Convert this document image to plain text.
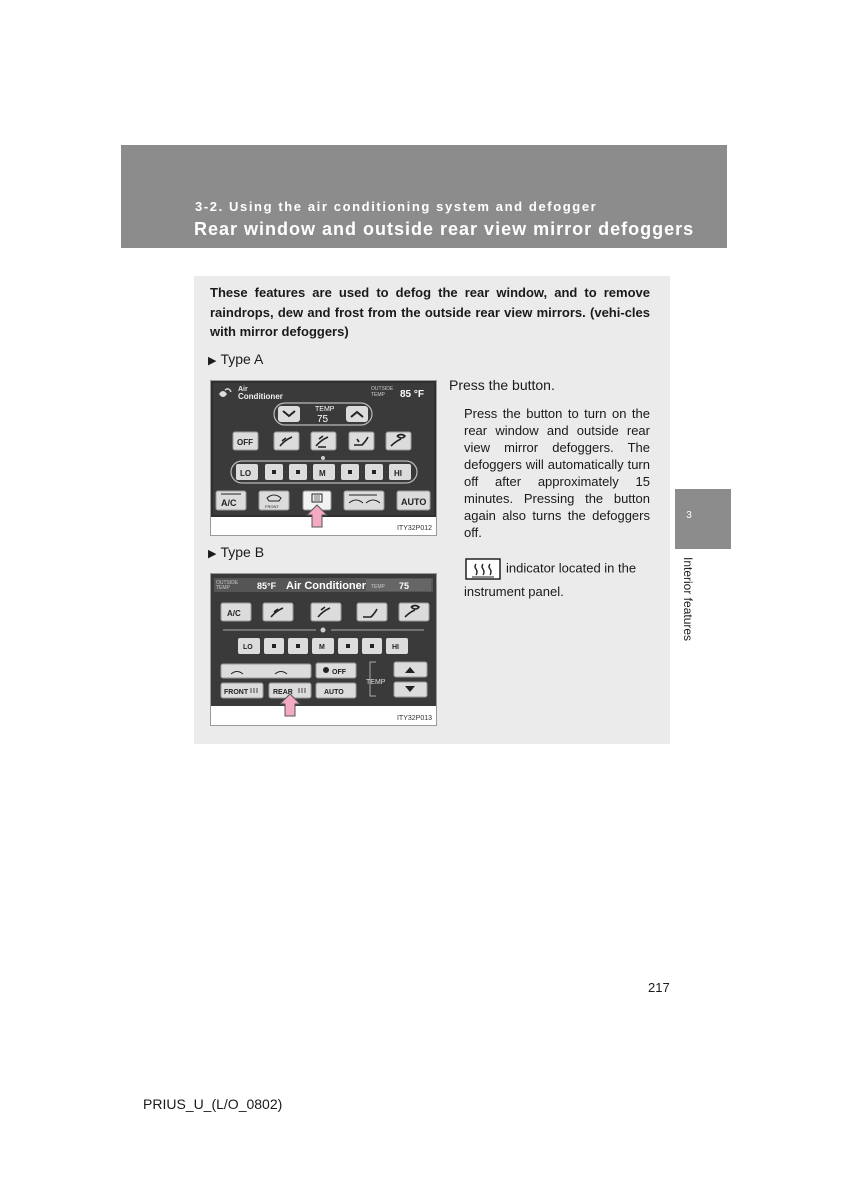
3-2. Using the air conditioning system and defogger
Rear window and outside rear view mirror defoggers
These features are used to defog the rear window, and to remove raindrops, dew and frost from the outside rear view mirrors. (vehi-cles with mirror defoggers)
▶ Type A
Air
Conditioner
OUTSIDE
TEMP 85 °F
TEMP
75
OFF
LO	M	HI
A/C	FRONT	AUTO
ITY32P012
▶ Type B
OUTSIDE
TEMP	85°F Air Conditioner TEMP 75
A/C
LO	M	HI
OFF
FRONT	REAR	AUTO
TEMP
ITY32P013
Press the button.
Press the button to turn on the rear window and outside rear view mirror defoggers. The defoggers will automatically turn off after approximately 15 minutes. Pressing the button again also turns the defoggers off.
indicator located in the instrument panel.
3
Interior features
217
PRIUS_U_(L/O_0802)
